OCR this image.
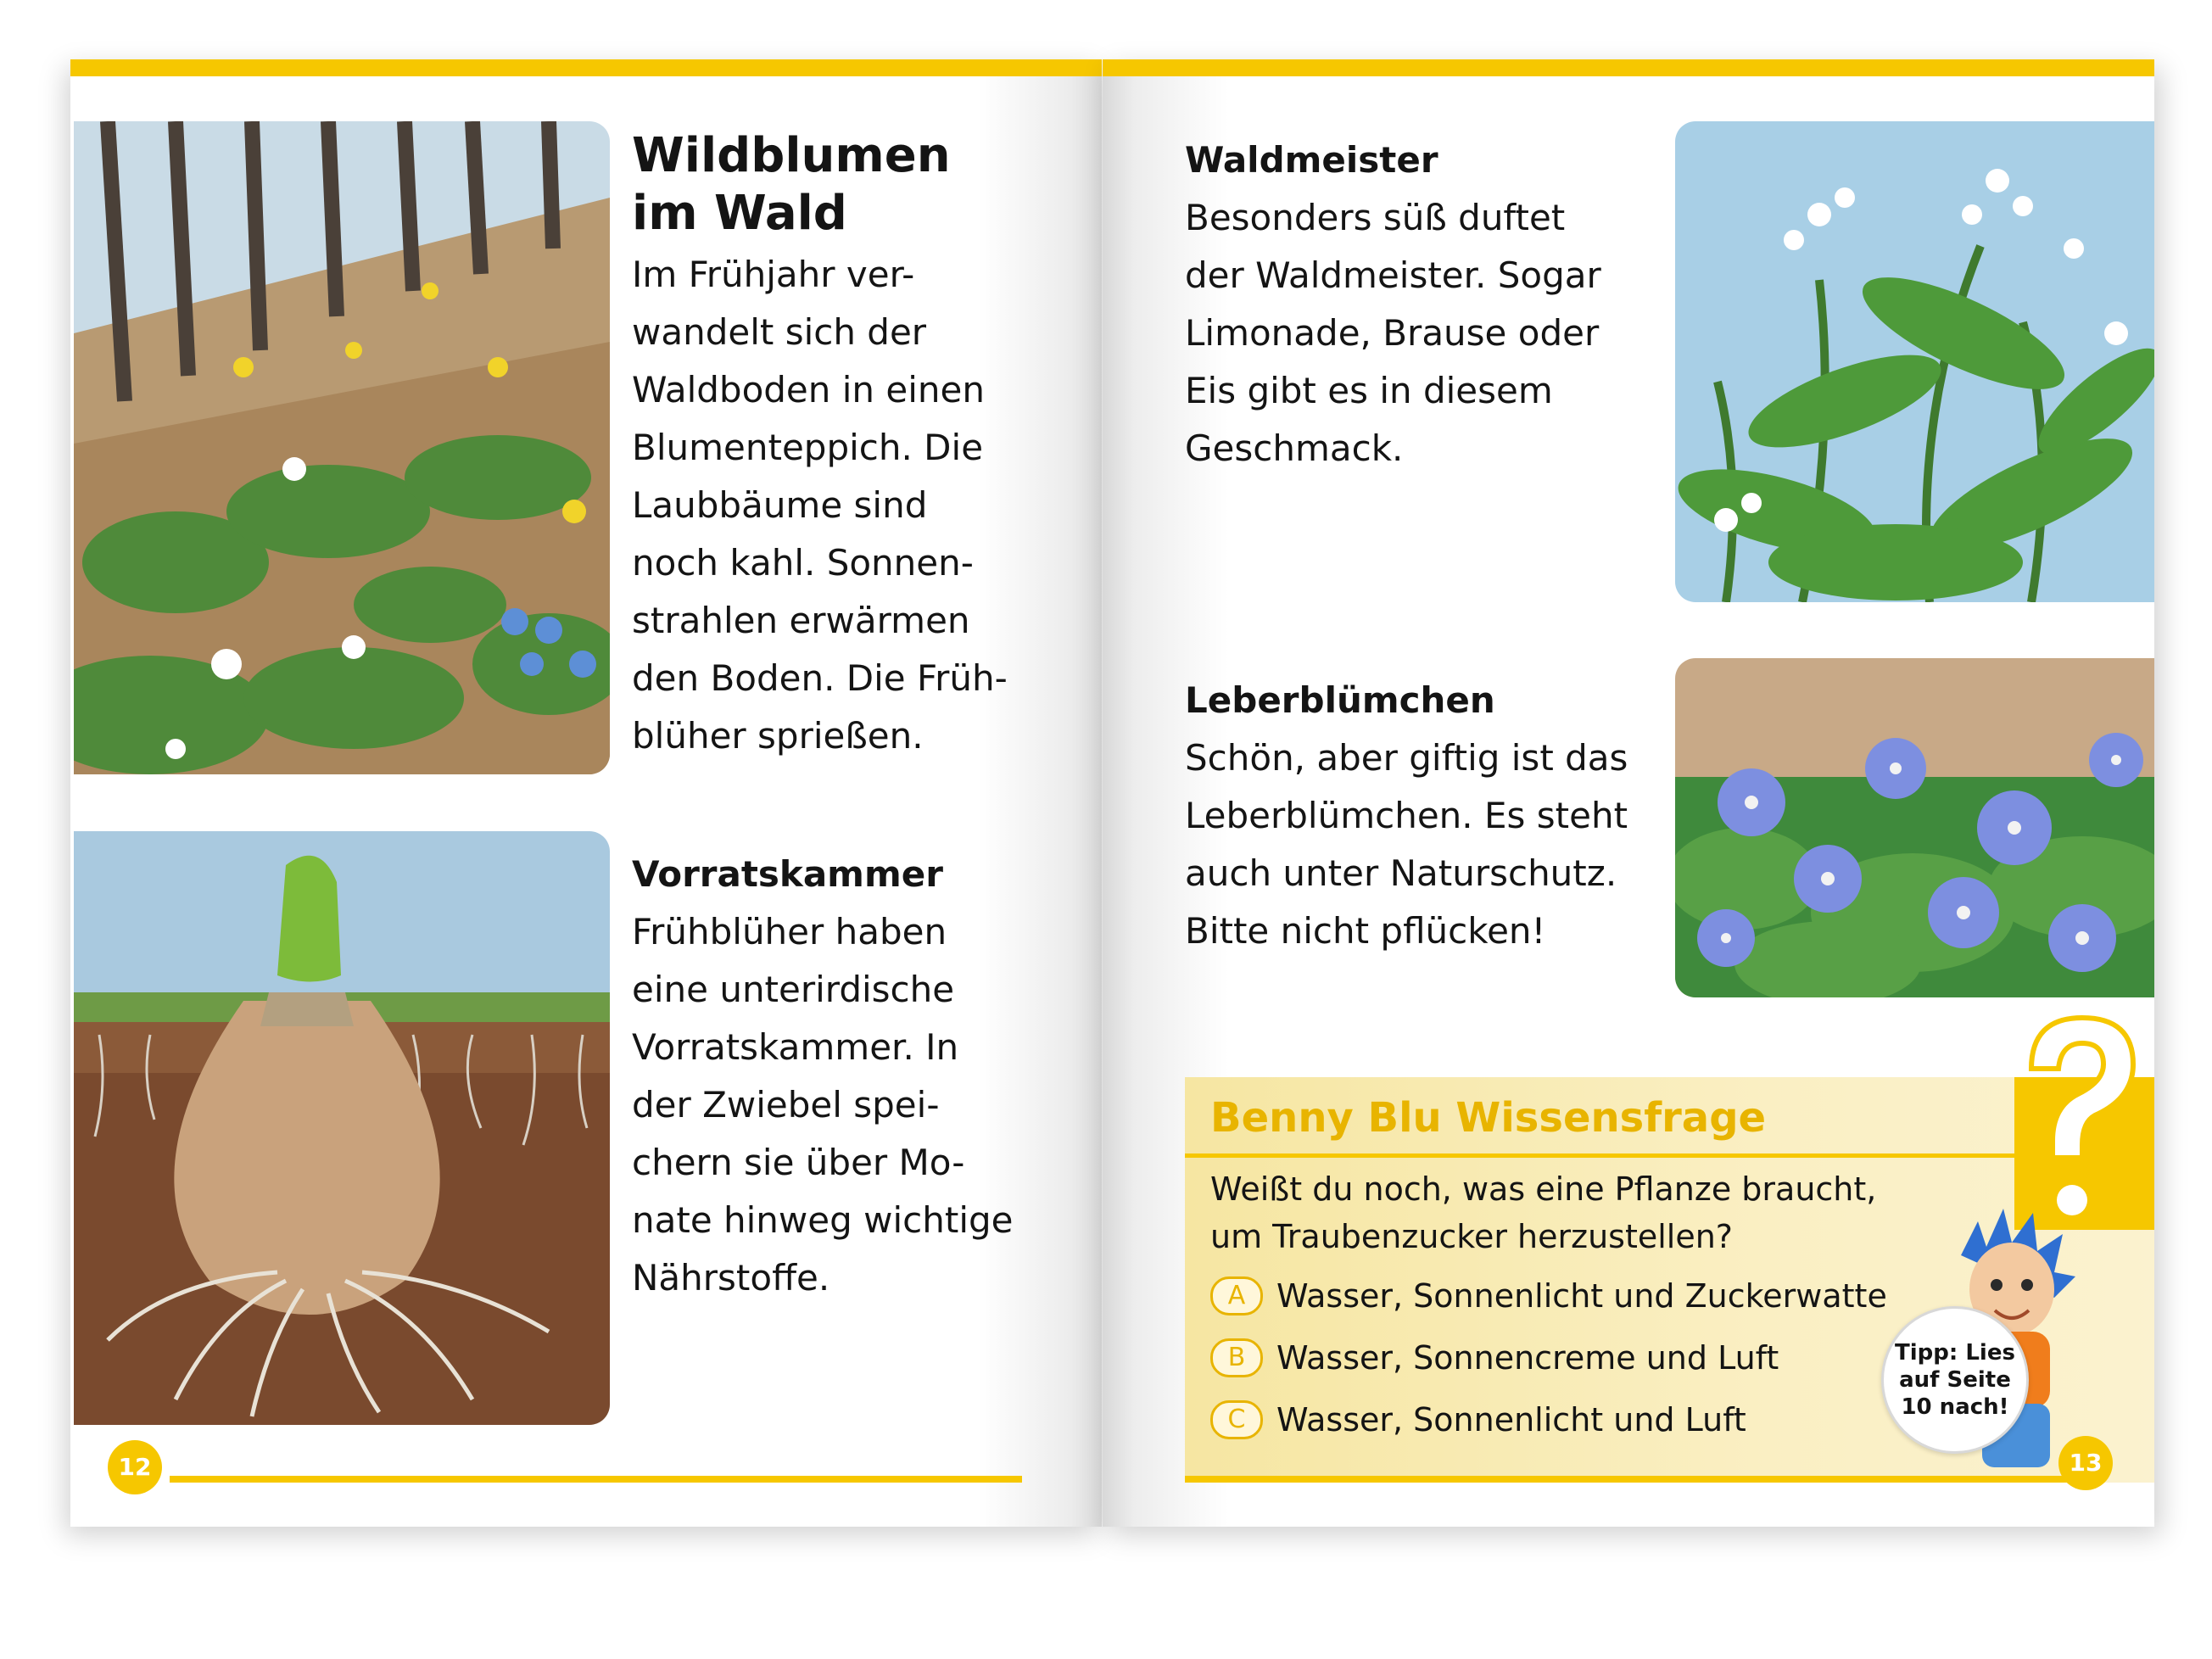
Wildblumen
im Wald
Im Frühjahr ver-
wandelt sich der
Waldboden in einen
Blumenteppich. Die
Laubbäume sind
noch kahl. Sonnen-
strahlen erwärmen
den Boden. Die Früh-
blüher sprießen.
Vorratskammer
Frühblüher haben
eine unterirdische
Vorratskammer. In
der Zwiebel spei-
chern sie über Mo-
nate hinweg wichtige
Nährstoffe.
12
Waldmeister
Besonders süß duftet
der Waldmeister. Sogar
Limonade, Brause oder
Eis gibt es in diesem
Geschmack.
Leberblümchen
Schön, aber giftig ist das
Leberblümchen. Es steht
auch unter Naturschutz.
Bitte nicht pflücken!
Benny Blu Wissensfrage
Weißt du noch, was eine Pflanze braucht,
um Traubenzucker herzustellen?
A Wasser, Sonnenlicht und Zuckerwatte
B Wasser, Sonnencreme und Luft
C Wasser, Sonnenlicht und Luft
Tipp: Lies
auf Seite
10 nach!
13
